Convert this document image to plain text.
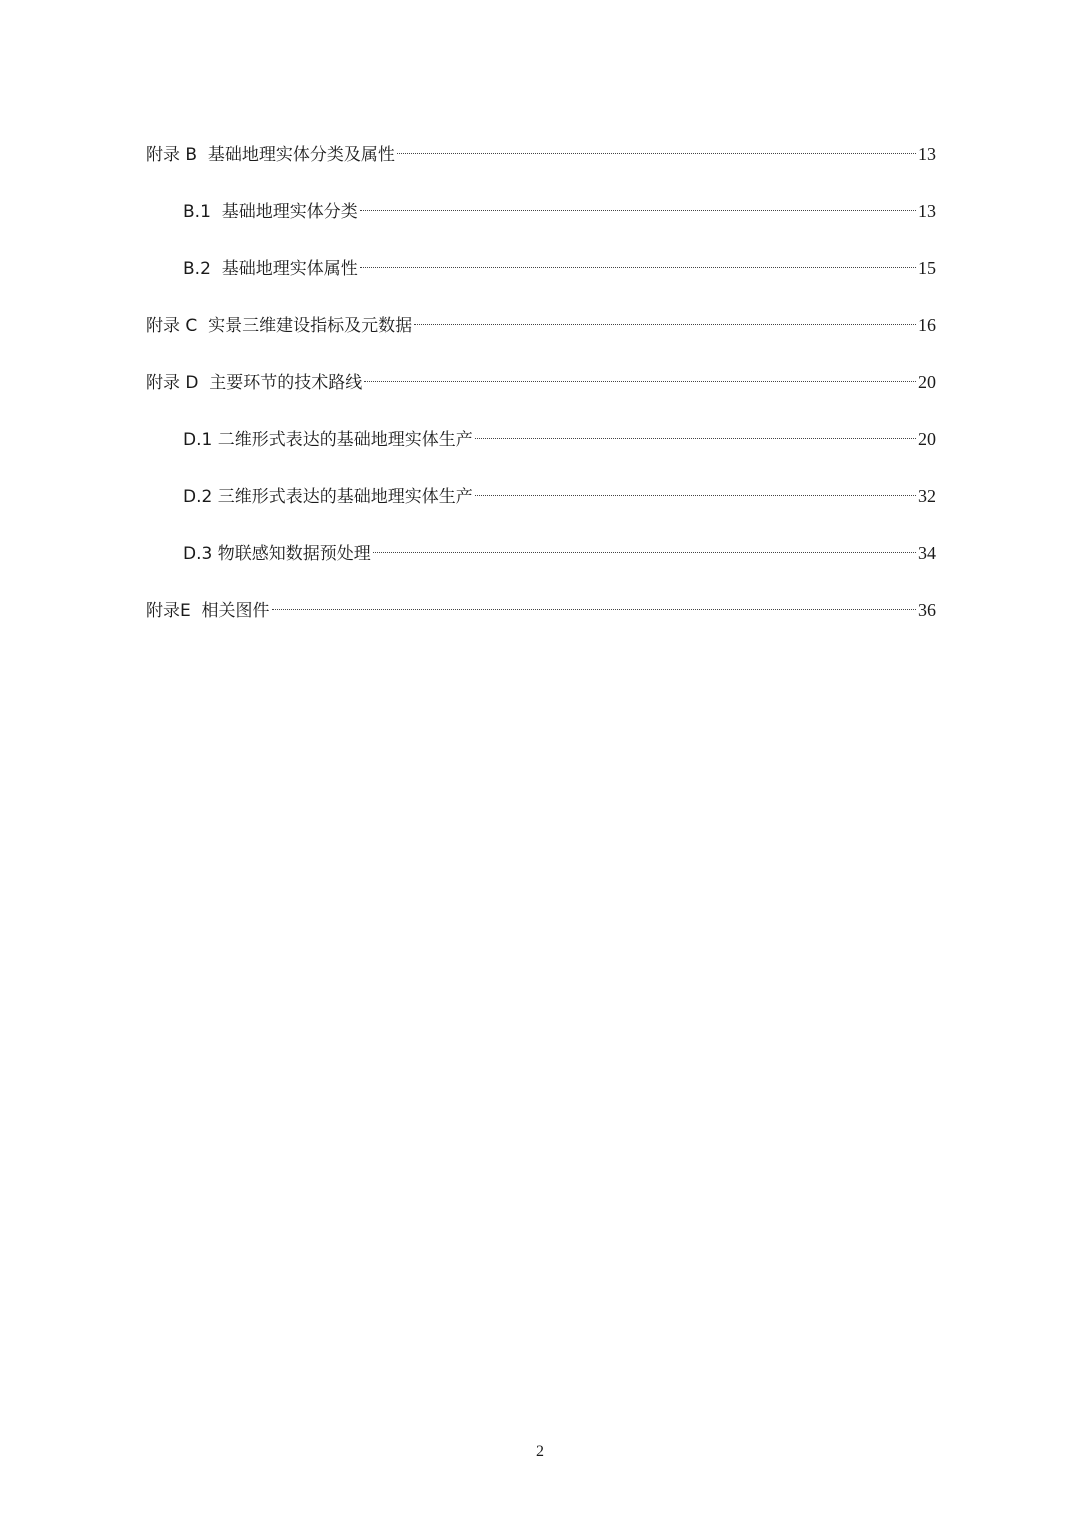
附录 B  基础地理实体分类及属性	13
B.1  基础地理实体分类	13
B.2  基础地理实体属性	15
附录 C  实景三维建设指标及元数据	16
附录 D  主要环节的技术路线	20
D.1 二维形式表达的基础地理实体生产	20
D.2 三维形式表达的基础地理实体生产	32
D.3 物联感知数据预处理	34
附录E  相关图件	36
2
